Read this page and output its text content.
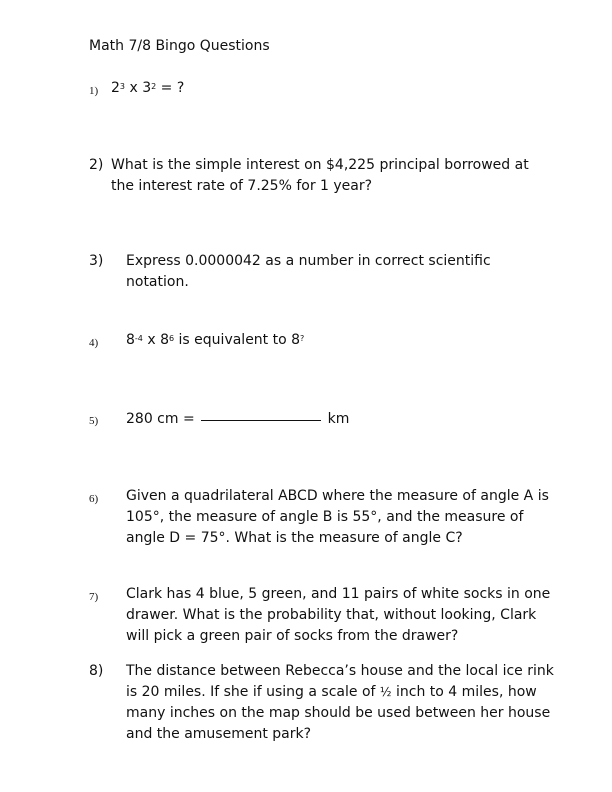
Math 7/8 Bingo Questions
1) $2^3$ x $3^2$ = ?
2) What is the simple interest on $4,225 principal borrowed at
the interest rate of 7.25% for 1 year?
3) Express 0.0000042 as a number in correct scientific
notation.
4) $8^{-4}$ x $8^6$ is equivalent to 8?
5) 280 cm =	km
6) Given a quadrilateral ABCD where the measure of angle A is
105°, the measure of angle B is 55°, and the measure of
angle D = 75°. What is the measure of angle C?
7) Clark has 4 blue, 5 green, and 11 pairs of white socks in one
drawer. What is the probability that, without looking, Clark
will pick a green pair of socks from the drawer?
8) The distance between Rebecca’s house and the local ice rink
is 20 miles. If she if using a scale of ½ inch to 4 miles, how
many inches on the map should be used between her house
and the amusement park?
